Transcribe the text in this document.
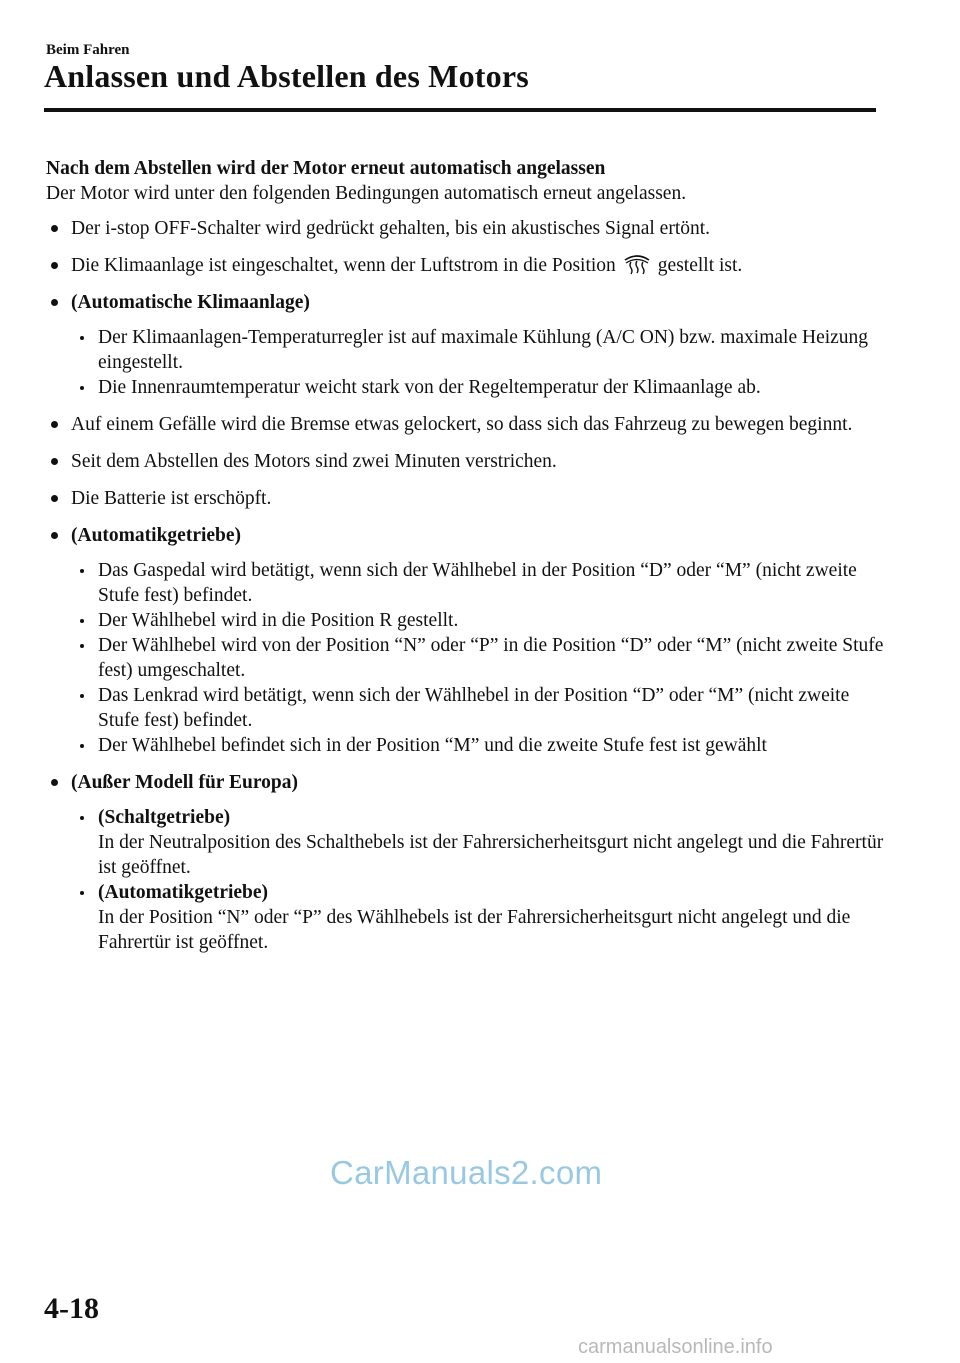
Beim Fahren
Anlassen und Abstellen des Motors

Nach dem Abstellen wird der Motor erneut automatisch angelassen

Der Motor wird unter den folgenden Bedingungen automatisch erneut angelassen.

Der i-stop OFF-Schalter wird gedrückt gehalten, bis ein akustisches Signal ertönt.
Die Klimaanlage ist eingeschaltet, wenn der Luftstrom in die Position gestellt ist.
(Automatische Klimaanlage)
Der Klimaanlagen-Temperaturregler ist auf maximale Kühlung (A/C ON) bzw. maximale Heizung eingestellt.
Die Innenraumtemperatur weicht stark von der Regeltemperatur der Klimaanlage ab.
Auf einem Gefälle wird die Bremse etwas gelockert, so dass sich das Fahrzeug zu bewegen beginnt.
Seit dem Abstellen des Motors sind zwei Minuten verstrichen.
Die Batterie ist erschöpft.
(Automatikgetriebe)
Das Gaspedal wird betätigt, wenn sich der Wählhebel in der Position “D” oder “M” (nicht zweite Stufe fest) befindet.
Der Wählhebel wird in die Position R gestellt.
Der Wählhebel wird von der Position “N” oder “P” in die Position “D” oder “M” (nicht zweite Stufe fest) umgeschaltet.
Das Lenkrad wird betätigt, wenn sich der Wählhebel in der Position “D” oder “M” (nicht zweite Stufe fest) befindet.
Der Wählhebel befindet sich in der Position “M” und die zweite Stufe fest ist gewählt
(Außer Modell für Europa)
(Schaltgetriebe)
In der Neutralposition des Schalthebels ist der Fahrersicherheitsgurt nicht angelegt und die Fahrertür ist geöffnet.
(Automatikgetriebe)
In der Position “N” oder “P” des Wählhebels ist der Fahrersicherheitsgurt nicht angelegt und die Fahrertür ist geöffnet.
CarManuals2.com
4-18
carmanualsonline.info
